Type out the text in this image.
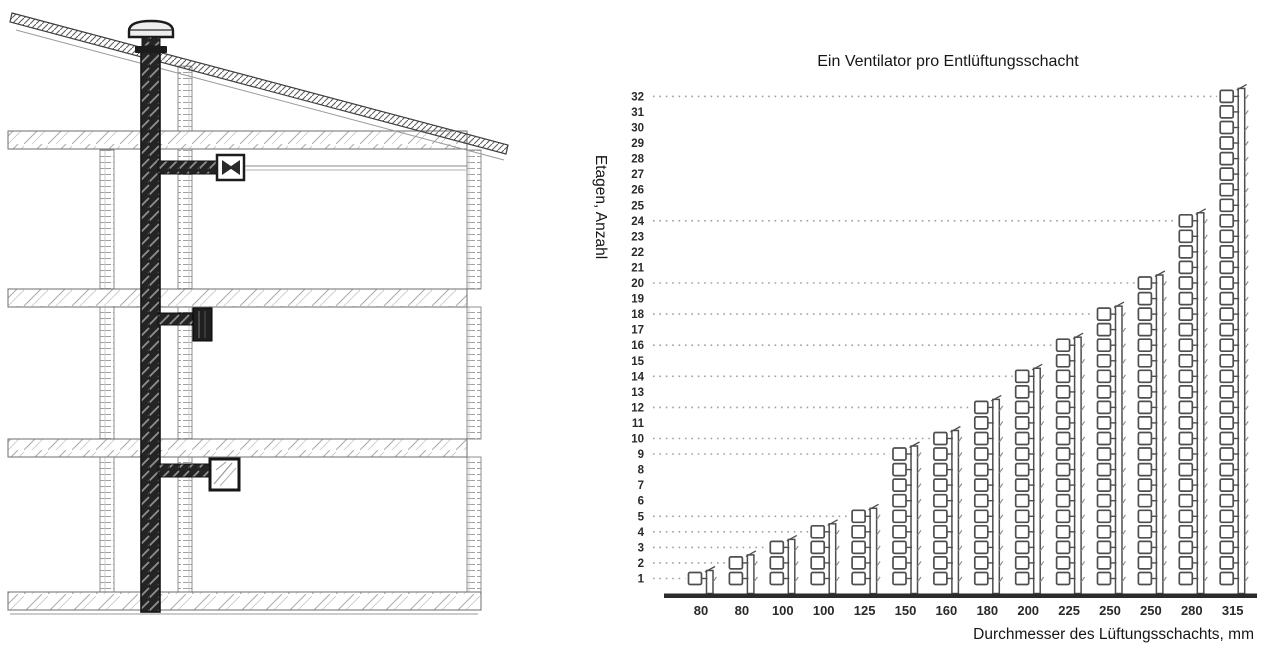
Ein Ventilator pro Entlüftungsschacht
Etagen, Anzahl
Durchmesser des Lüftungsschachts, mm
1
2
3
4
5
6
7
8
9
10
11
12
13
14
15
16
17
18
19
20
21
22
23
24
25
26
27
28
29
30
31
32
80 80 100 100 125 150 160 180 200 225 250 250 280 315
